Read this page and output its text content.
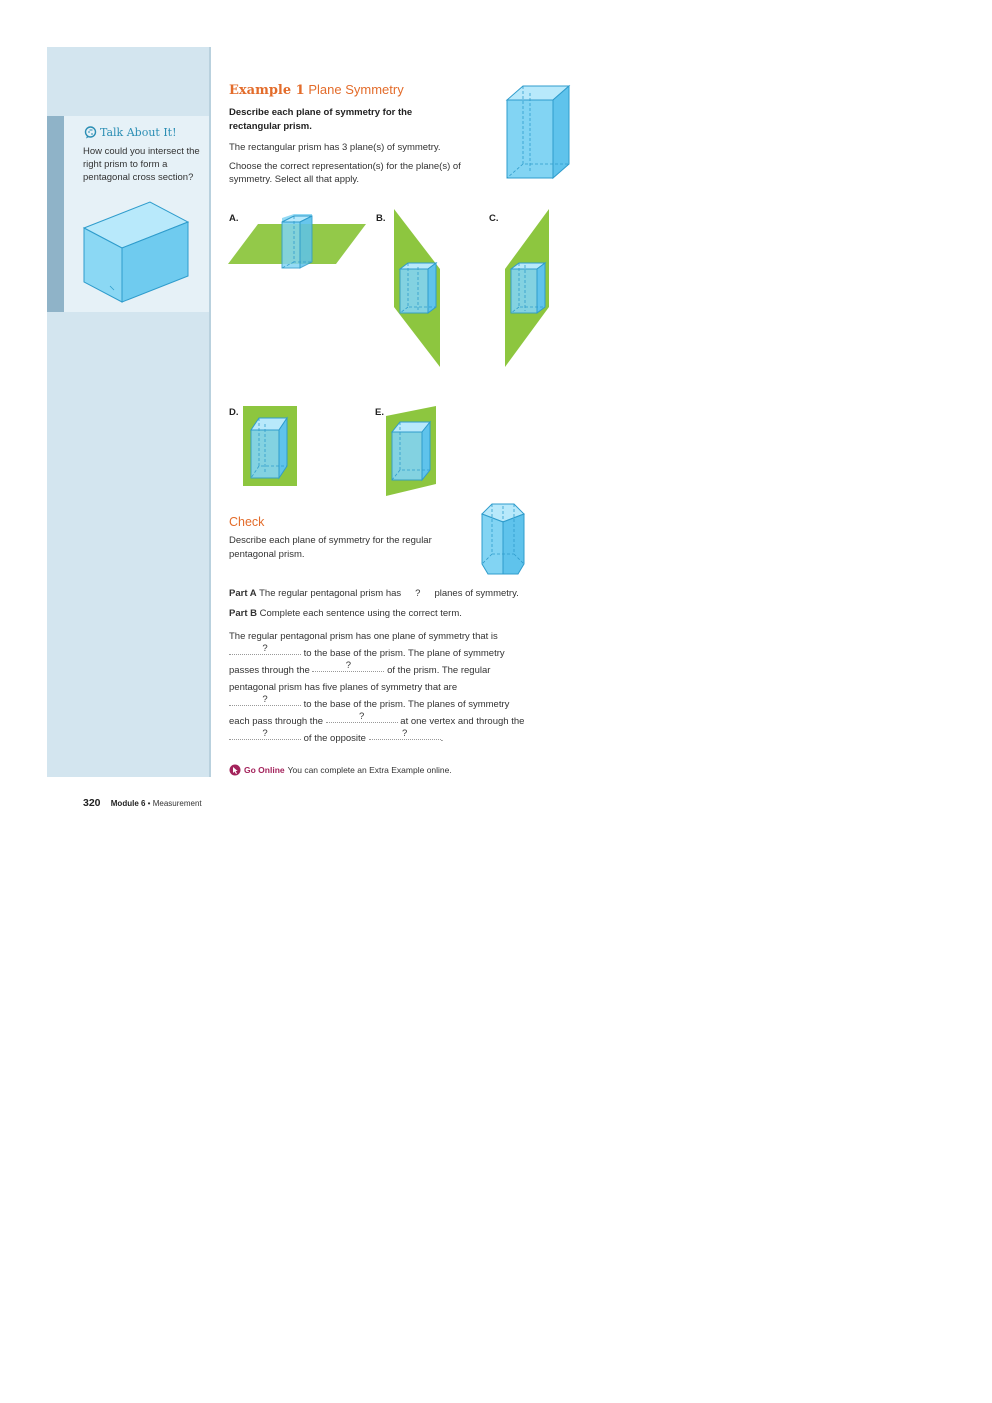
Talk About It!
How could you intersect the right prism to form a pentagonal cross section?
Example 1 Plane Symmetry
Describe each plane of symmetry for the rectangular prism.
The rectangular prism has 3 plane(s) of symmetry.
Choose the correct representation(s) for the plane(s) of symmetry. Select all that apply.
A.	B.	C.
D.	E.
Check
Describe each plane of symmetry for the regular pentagonal prism.
Part A The regular pentagonal prism has ? planes of symmetry.
Part B Complete each sentence using the correct term.
The regular pentagonal prism has one plane of symmetry that is
?	to the base of the prism. The plane of symmetry
passes through the	?	of the prism. The regular
pentagonal prism has five planes of symmetry that are
?	to the base of the prism. The planes of symmetry
each pass through the	?	at one vertex and through the
?	of the opposite	?	.
Go Online You can complete an Extra Example online.
320 Module 6 • Measurement
